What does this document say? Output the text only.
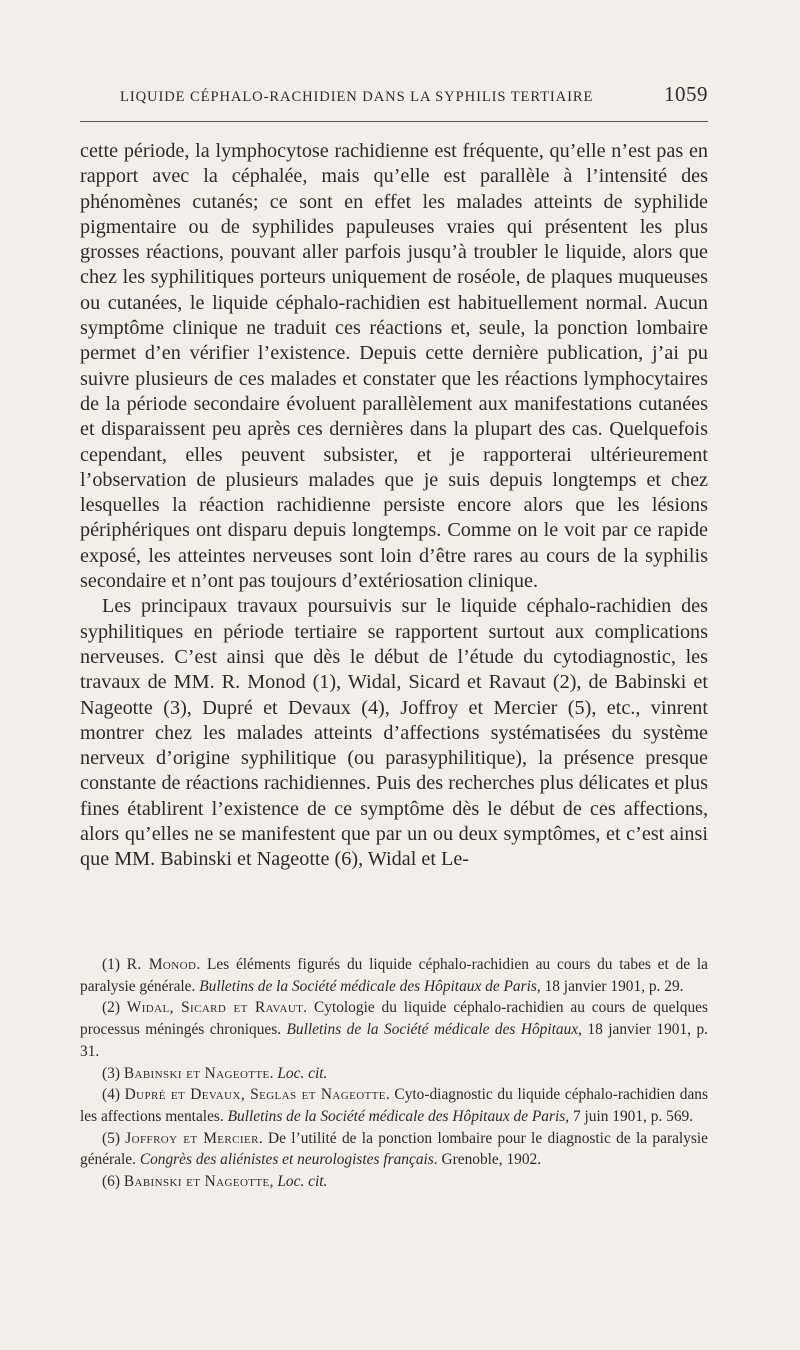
LIQUIDE CÉPHALO-RACHIDIEN DANS LA SYPHILIS TERTIAIRE	1059

cette période, la lymphocytose rachidienne est fréquente, qu’elle n’est pas en rapport avec la céphalée, mais qu’elle est parallèle à l’intensité des phénomènes cutanés; ce sont en effet les malades atteints de syphilide pigmentaire ou de syphilides papuleuses vraies qui présentent les plus grosses réactions, pouvant aller parfois jusqu’à troubler le liquide, alors que chez les syphilitiques porteurs uniquement de roséole, de plaques muqueuses ou cutanées, le liquide céphalo-rachidien est habituellement normal. Aucun symptôme clinique ne traduit ces réactions et, seule, la ponction lombaire permet d’en vérifier l’existence. Depuis cette dernière publication, j’ai pu suivre plusieurs de ces malades et constater que les réactions lymphocytaires de la période secondaire évoluent parallèlement aux manifestations cutanées et disparaissent peu après ces dernières dans la plupart des cas. Quelquefois cependant, elles peuvent subsister, et je rapporterai ultérieurement l’observation de plusieurs malades que je suis depuis longtemps et chez lesquelles la réaction rachidienne persiste encore alors que les lésions périphériques ont disparu depuis longtemps. Comme on le voit par ce rapide exposé, les atteintes nerveuses sont loin d’être rares au cours de la syphilis secondaire et n’ont pas toujours d’extériosation clinique.

Les principaux travaux poursuivis sur le liquide céphalo-rachidien des syphilitiques en période tertiaire se rapportent surtout aux complications nerveuses. C’est ainsi que dès le début de l’étude du cytodiagnostic, les travaux de MM. R. Monod (1), Widal, Sicard et Ravaut (2), de Babinski et Nageotte (3), Dupré et Devaux (4), Joffroy et Mercier (5), etc., vinrent montrer chez les malades atteints d’affections systématisées du système nerveux d’origine syphilitique (ou parasyphilitique), la présence presque constante de réactions rachidiennes. Puis des recherches plus délicates et plus fines établirent l’existence de ce symptôme dès le début de ces affections, alors qu’elles ne se manifestent que par un ou deux symptômes, et c’est ainsi que MM. Babinski et Nageotte (6), Widal et Le-

(1) R. Monod. Les éléments figurés du liquide céphalo-rachidien au cours du tabes et de la paralysie générale. Bulletins de la Société médicale des Hôpitaux de Paris, 18 janvier 1901, p. 29.

(2) Widal, Sicard et Ravaut. Cytologie du liquide céphalo-rachidien au cours de quelques processus méningés chroniques. Bulletins de la Société médicale des Hôpitaux, 18 janvier 1901, p. 31.

(3) Babinski et Nageotte. Loc. cit.

(4) Dupré et Devaux, Seglas et Nageotte. Cyto-diagnostic du liquide céphalo-rachidien dans les affections mentales. Bulletins de la Société médicale des Hôpitaux de Paris, 7 juin 1901, p. 569.

(5) Joffroy et Mercier. De l’utilité de la ponction lombaire pour le diagnostic de la paralysie générale. Congrès des aliénistes et neurologistes français. Grenoble, 1902.

(6) Babinski et Nageotte, Loc. cit.
